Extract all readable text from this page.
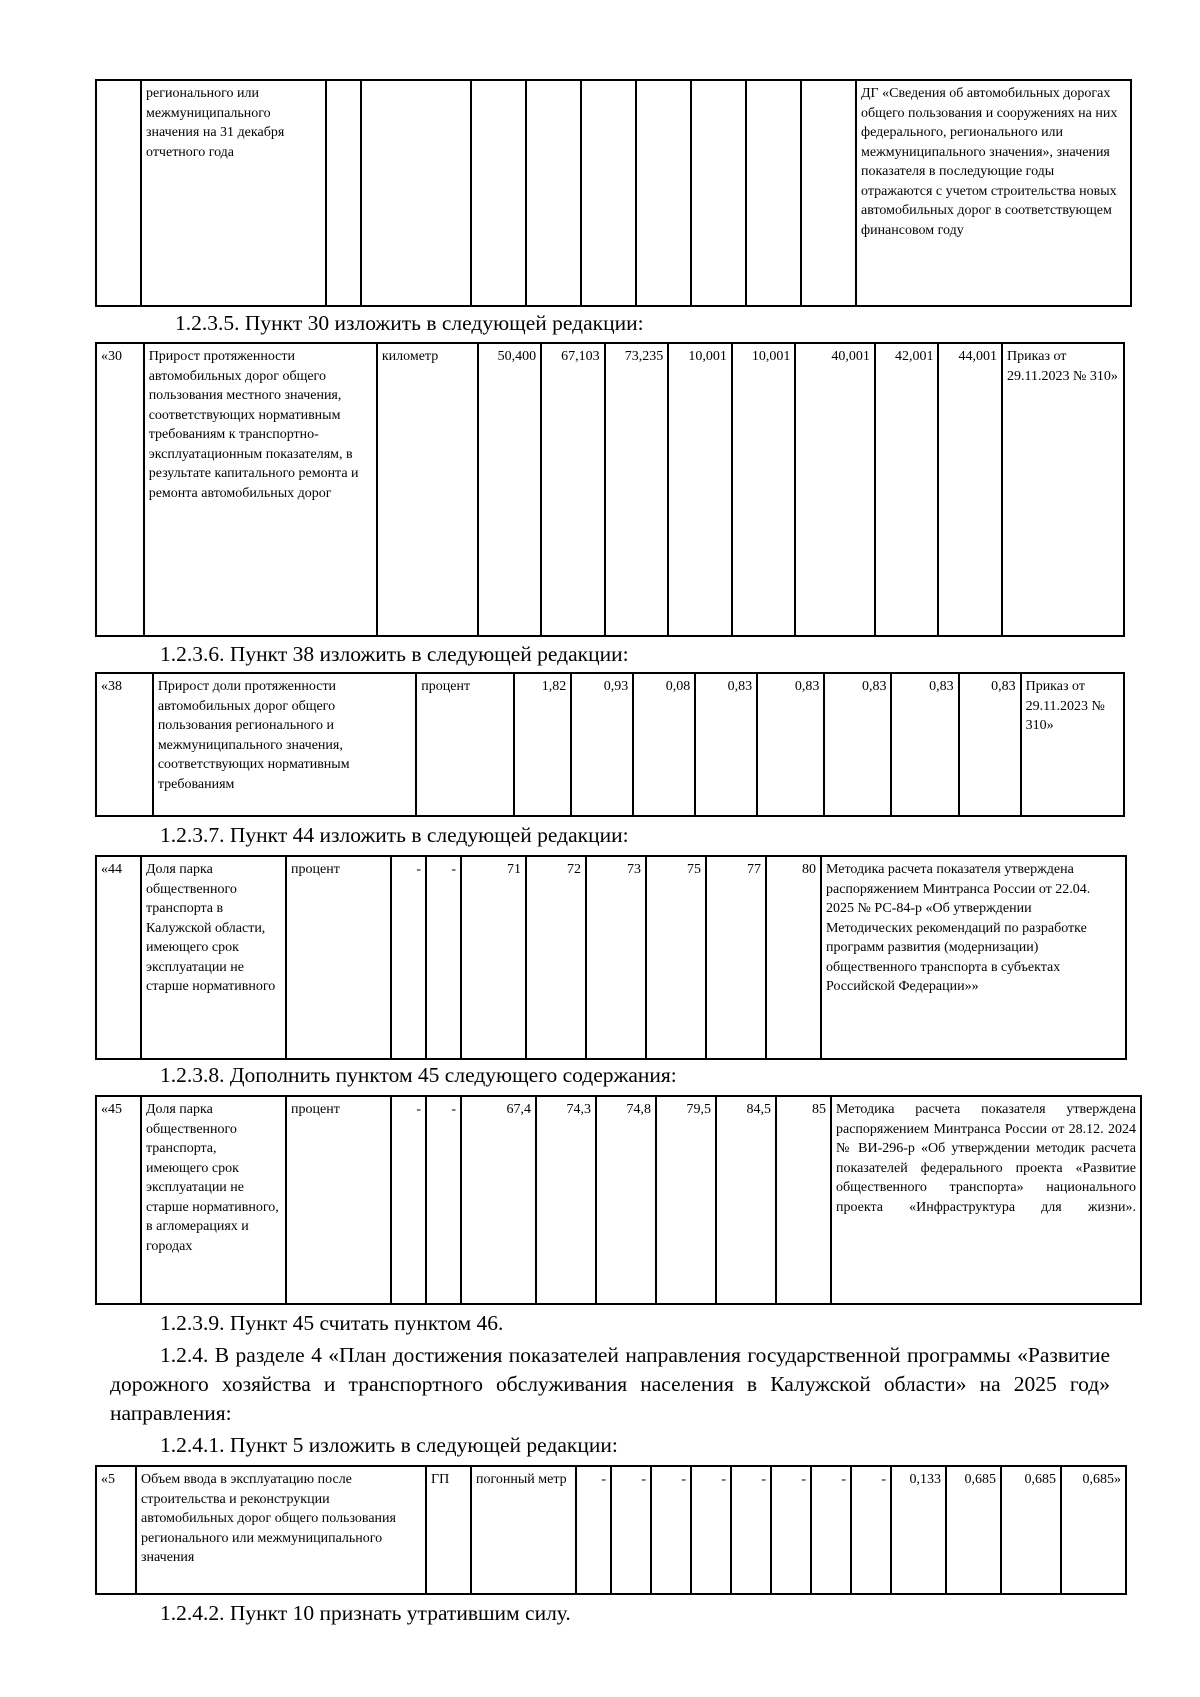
	регионального или межмуниципального значения на 31 декабря отчетного года										ДГ «Сведения об автомобильных дорогах общего пользования и сооружениях на них федерального, регионального или межмуниципального значения», значения показателя в последующие годы отражаются с учетом строительства новых автомобильных дорог в соответствующем финансовом году
1.2.3.5. Пункт 30 изложить в следующей редакции:
«30	Прирост протяженности автомобильных дорог общего пользования местного значения, соответствующих нормативным требованиям к транспортно-эксплуатационным показателям, в результате капитального ремонта и ремонта автомобильных дорог	километр	50,400	67,103	73,235	10,001	10,001	40,001	42,001	44,001	Приказ от 29.11.2023 № 310»
1.2.3.6. Пункт 38 изложить в следующей редакции:
«38	Прирост доли протяженности автомобильных дорог общего пользования регионального и межмуниципального значения, соответствующих нормативным требованиям	процент	1,82	0,93	0,08	0,83	0,83	0,83	0,83	0,83	Приказ от 29.11.2023 № 310»
1.2.3.7. Пункт 44 изложить в следующей редакции:
«44	Доля парка общественного транспорта в Калужской области, имеющего срок эксплуатации не старше нормативного	процент	-	-	71	72	73	75	77	80	Методика расчета показателя утверждена распоряжением Минтранса России от 22.04. 2025 № РС-84-р «Об утверждении Методических рекомендаций по разработке программ развития (модернизации) общественного транспорта в субъектах Российской Федерации»»
1.2.3.8. Дополнить пунктом 45 следующего содержания:
«45	Доля парка общественного транспорта, имеющего срок эксплуатации не старше нормативного, в агломерациях и городах	процент	-	-	67,4	74,3	74,8	79,5	84,5	85	Методика расчета показателя утверждена распоряжением Минтранса России от 28.12. 2024 № ВИ-296-р «Об утверждении методик расчета показателей федерального проекта «Развитие общественного транспорта» национального проекта «Инфраструктура для жизни».
1.2.3.9. Пункт 45 считать пунктом 46.
1.2.4. В разделе 4 «План достижения показателей направления государственной программы «Развитие дорожного хозяйства и транспортного обслуживания населения в Калужской области» на 2025 год» направления:
1.2.4.1. Пункт 5 изложить в следующей редакции:
«5	Объем ввода в эксплуатацию после строительства и реконструкции автомобильных дорог общего пользования регионального или межмуниципального значения	ГП	погонный метр	-	-	-	-	-	-	-	-	0,133	0,685	0,685	0,685»
1.2.4.2. Пункт 10 признать утратившим силу.
